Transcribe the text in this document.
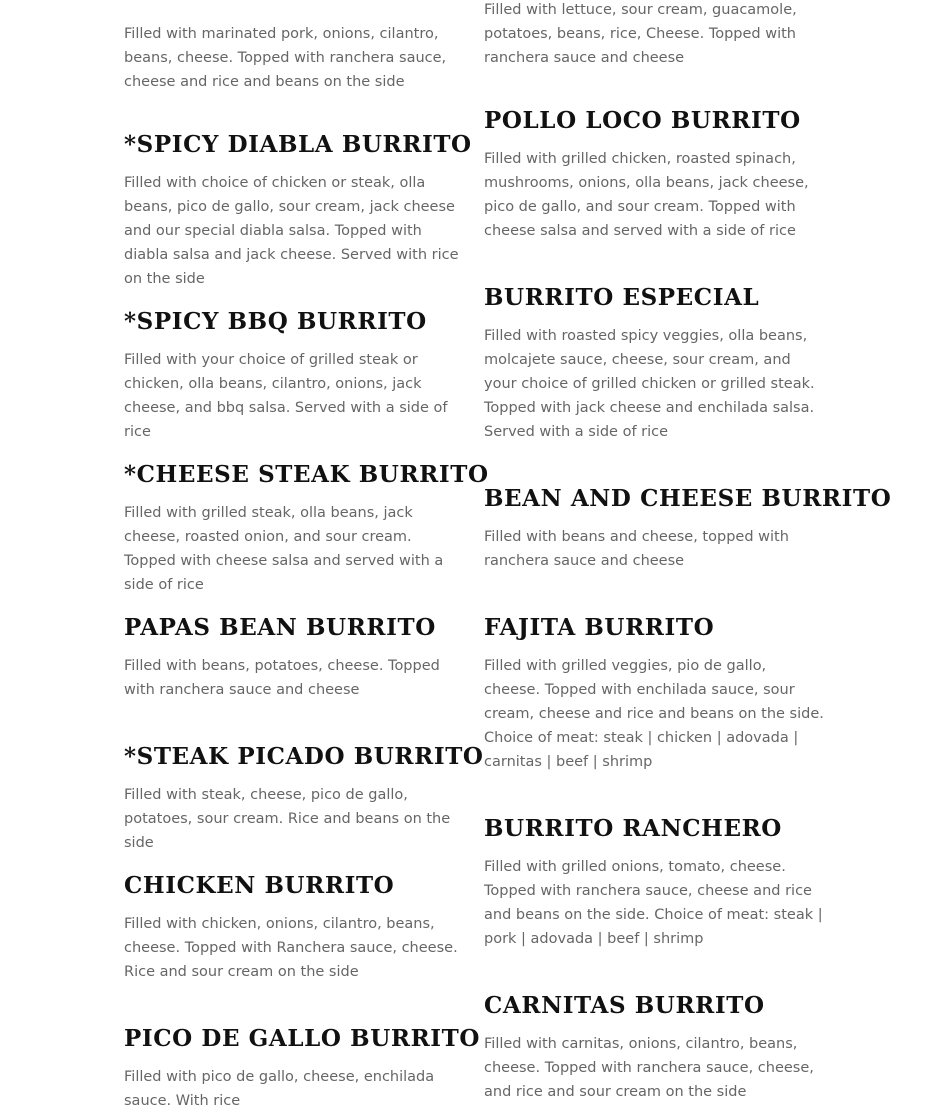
Filled with marinated pork, onions, cilantro, beans, cheese. Topped with ranchera sauce, cheese and rice and beans on the side

*SPICY DIABLA BURRITO

Filled with choice of chicken or steak, olla beans, pico de gallo, sour cream, jack cheese and our special diabla salsa. Topped with diabla salsa and jack cheese. Served with rice on the side

*SPICY BBQ BURRITO

Filled with your choice of grilled steak or chicken, olla beans, cilantro, onions, jack cheese, and bbq salsa. Served with a side of rice

*CHEESE STEAK BURRITO

Filled with grilled steak, olla beans, jack cheese, roasted onion, and sour cream. Topped with cheese salsa and served with a side of rice

PAPAS BEAN BURRITO

Filled with beans, potatoes, cheese. Topped with ranchera sauce and cheese

*STEAK PICADO BURRITO

Filled with steak, cheese, pico de gallo, potatoes, sour cream. Rice and beans on the side

CHICKEN BURRITO

Filled with chicken, onions, cilantro, beans, cheese. Topped with Ranchera sauce, cheese. Rice and sour cream on the side

PICO DE GALLO BURRITO

Filled with pico de gallo, cheese, enchilada sauce. With rice

Filled with lettuce, sour cream, guacamole, potatoes, beans, rice, Cheese. Topped with ranchera sauce and cheese

POLLO LOCO BURRITO

Filled with grilled chicken, roasted spinach, mushrooms, onions, olla beans, jack cheese, pico de gallo, and sour cream. Topped with cheese salsa and served with a side of rice

BURRITO ESPECIAL

Filled with roasted spicy veggies, olla beans, molcajete sauce, cheese, sour cream, and your choice of grilled chicken or grilled steak. Topped with jack cheese and enchilada salsa. Served with a side of rice

BEAN AND CHEESE BURRITO

Filled with beans and cheese, topped with ranchera sauce and cheese

FAJITA BURRITO

Filled with grilled veggies, pio de gallo, cheese. Topped with enchilada sauce, sour cream, cheese and rice and beans on the side. Choice of meat: steak | chicken | adovada | carnitas | beef | shrimp

BURRITO RANCHERO

Filled with grilled onions, tomato, cheese. Topped with ranchera sauce, cheese and rice and beans on the side. Choice of meat: steak | pork | adovada | beef | shrimp

CARNITAS BURRITO

Filled with carnitas, onions, cilantro, beans, cheese. Topped with ranchera sauce, cheese, and rice and sour cream on the side
